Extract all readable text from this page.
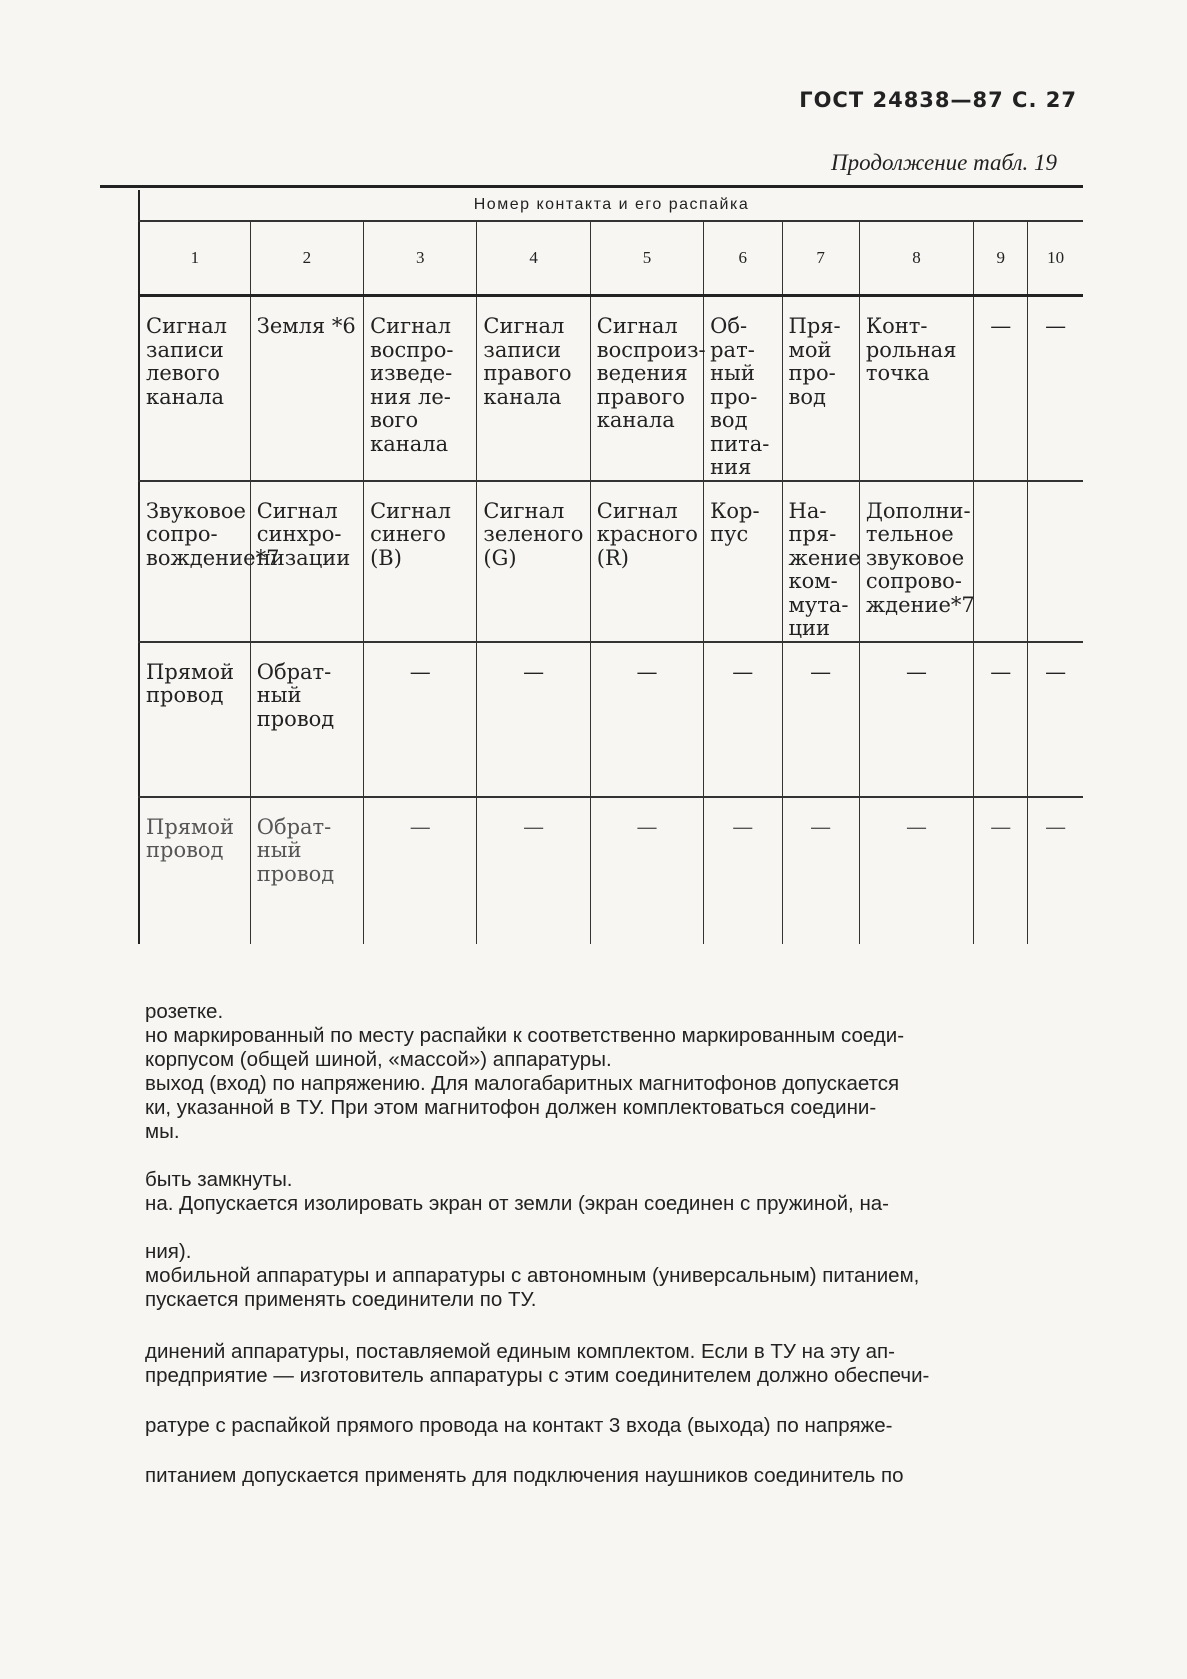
ГОСТ 24838—87 С. 27
Продолжение табл. 19
Номер контакта и его распайка									
1	2	3	4	5	6	7	8	9	10
Сигнал записи левого канала	Земля *6	Сигнал воспро-изведе-ния ле-вого канала	Сигнал записи правого канала	Сигнал воспроиз-ведения правого канала	Об-рат-ный про-вод пита-ния	Пря-мой про-вод	Конт-рольная точка	—	—
Звуковое сопро-вождение*7	Сигнал синхро-низации	Сигнал синего (B)	Сигнал зеленого (G)	Сигнал красного (R)	Кор-пус	На-пря-жение ком-мута-ции	Дополни-тельное звуковое сопрово-ждение*7		
Прямой провод	Обрат-ный провод	—	—	—	—	—	—	—	—
Прямой провод	Обрат-ный провод	—	—	—	—	—	—	—	—

розетке.

но маркированный по месту распайки к соответственно маркированным соеди-

корпусом (общей шиной, «массой») аппаратуры.

выход (вход) по напряжению. Для малогабаритных магнитофонов допускается

ки, указанной в ТУ. При этом магнитофон должен комплектоваться соедини-

мы.

быть замкнуты.

на. Допускается изолировать экран от земли (экран соединен с пружиной, на-

ния).

мобильной аппаратуры и аппаратуры с автономным (универсальным) питанием,

пускается применять соединители по ТУ.

динений аппаратуры, поставляемой единым комплектом. Если в ТУ на эту ап-

предприятие — изготовитель аппаратуры с этим соединителем должно обеспечи-

ратуре с распайкой прямого провода на контакт 3 входа (выхода) по напряже-

питанием допускается применять для подключения наушников соединитель по
